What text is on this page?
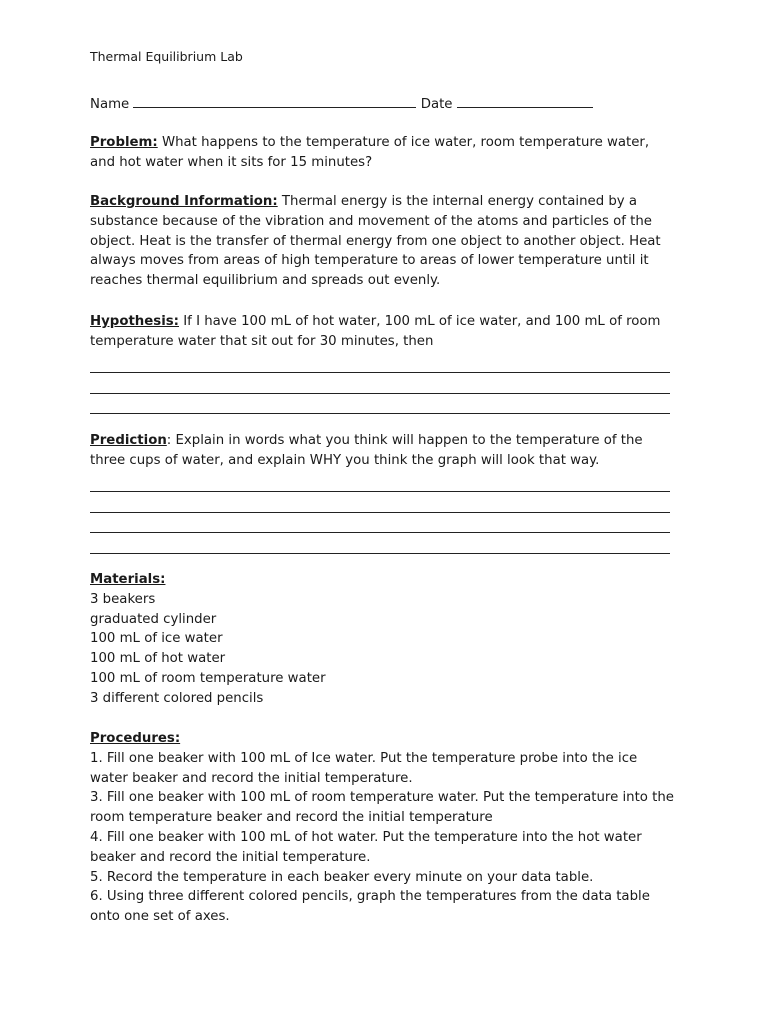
Thermal Equilibrium Lab
Name	Date
Problem: What happens to the temperature of ice water, room temperature water, and hot water when it sits for 15 minutes?
Background Information: Thermal energy is the internal energy contained by a substance because of the vibration and movement of the atoms and particles of the object. Heat is the transfer of thermal energy from one object to another object. Heat always moves from areas of high temperature to areas of lower temperature until it reaches thermal equilibrium and spreads out evenly.
Hypothesis: If I have 100 mL of hot water, 100 mL of ice water, and 100 mL of room temperature water that sit out for 30 minutes, then
Prediction: Explain in words what you think will happen to the temperature of the three cups of water, and explain WHY you think the graph will look that way.
Materials:
3 beakers
graduated cylinder
100 mL of ice water
100 mL of hot water
100 mL of room temperature water
3 different colored pencils
Procedures:
1. Fill one beaker with 100 mL of Ice water. Put the temperature probe into the ice water beaker and record the initial temperature.
3. Fill one beaker with 100 mL of room temperature water. Put the temperature into the room temperature beaker and record the initial temperature
4. Fill one beaker with 100 mL of hot water. Put the temperature into the hot water beaker and record the initial temperature.
5. Record the temperature in each beaker every minute on your data table.
6. Using three different colored pencils, graph the temperatures from the data table onto one set of axes.
